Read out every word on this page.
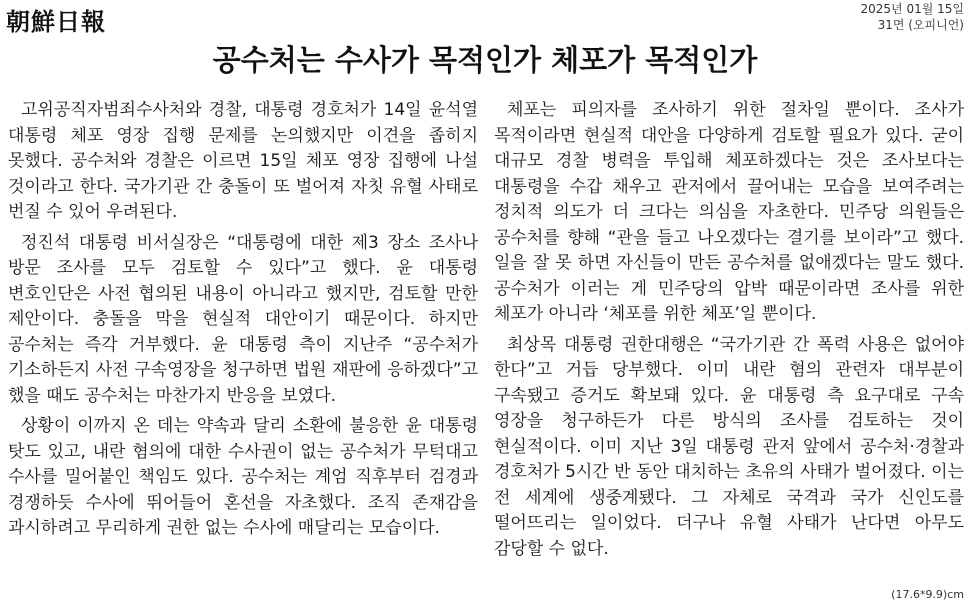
朝鮮日報	2025년 01월 15일
31면 (오피니언)
공수처는 수사가 목적인가 체포가 목적인가

고위공직자범죄수사처와 경찰, 대통령 경호처가 14일 윤석열 대통령 체포 영장 집행 문제를 논의했지만 이견을 좁히지 못했다. 공수처와 경찰은 이르면 15일 체포 영장 집행에 나설 것이라고 한다. 국가기관 간 충돌이 또 벌어져 자칫 유혈 사태로 번질 수 있어 우려된다.

정진석 대통령 비서실장은 “대통령에 대한 제3 장소 조사나 방문 조사를 모두 검토할 수 있다”고 했다. 윤 대통령 변호인단은 사전 협의된 내용이 아니라고 했지만, 검토할 만한 제안이다. 충돌을 막을 현실적 대안이기 때문이다. 하지만 공수처는 즉각 거부했다. 윤 대통령 측이 지난주 “공수처가 기소하든지 사전 구속영장을 청구하면 법원 재판에 응하겠다”고 했을 때도 공수처는 마찬가지 반응을 보였다.

상황이 이까지 온 데는 약속과 달리 소환에 불응한 윤 대통령 탓도 있고, 내란 혐의에 대한 수사권이 없는 공수처가 무턱대고 수사를 밀어붙인 책임도 있다. 공수처는 계엄 직후부터 검경과 경쟁하듯 수사에 뛰어들어 혼선을 자초했다. 조직 존재감을 과시하려고 무리하게 권한 없는 수사에 매달리는 모습이다.

체포는 피의자를 조사하기 위한 절차일 뿐이다. 조사가 목적이라면 현실적 대안을 다양하게 검토할 필요가 있다. 굳이 대규모 경찰 병력을 투입해 체포하겠다는 것은 조사보다는 대통령을 수갑 채우고 관저에서 끌어내는 모습을 보여주려는 정치적 의도가 더 크다는 의심을 자초한다. 민주당 의원들은 공수처를 향해 “관을 들고 나오겠다는 결기를 보이라”고 했다. 일을 잘 못 하면 자신들이 만든 공수처를 없애겠다는 말도 했다. 공수처가 이러는 게 민주당의 압박 때문이라면 조사를 위한 체포가 아니라 ‘체포를 위한 체포’일 뿐이다.

최상목 대통령 권한대행은 “국가기관 간 폭력 사용은 없어야 한다”고 거듭 당부했다. 이미 내란 혐의 관련자 대부분이 구속됐고 증거도 확보돼 있다. 윤 대통령 측 요구대로 구속 영장을 청구하든가 다른 방식의 조사를 검토하는 것이 현실적이다. 이미 지난 3일 대통령 관저 앞에서 공수처·경찰과 경호처가 5시간 반 동안 대치하는 초유의 사태가 벌어졌다. 이는 전 세계에 생중계됐다. 그 자체로 국격과 국가 신인도를 떨어뜨리는 일이었다. 더구나 유혈 사태가 난다면 아무도 감당할 수 없다.

(17.6*9.9)cm
